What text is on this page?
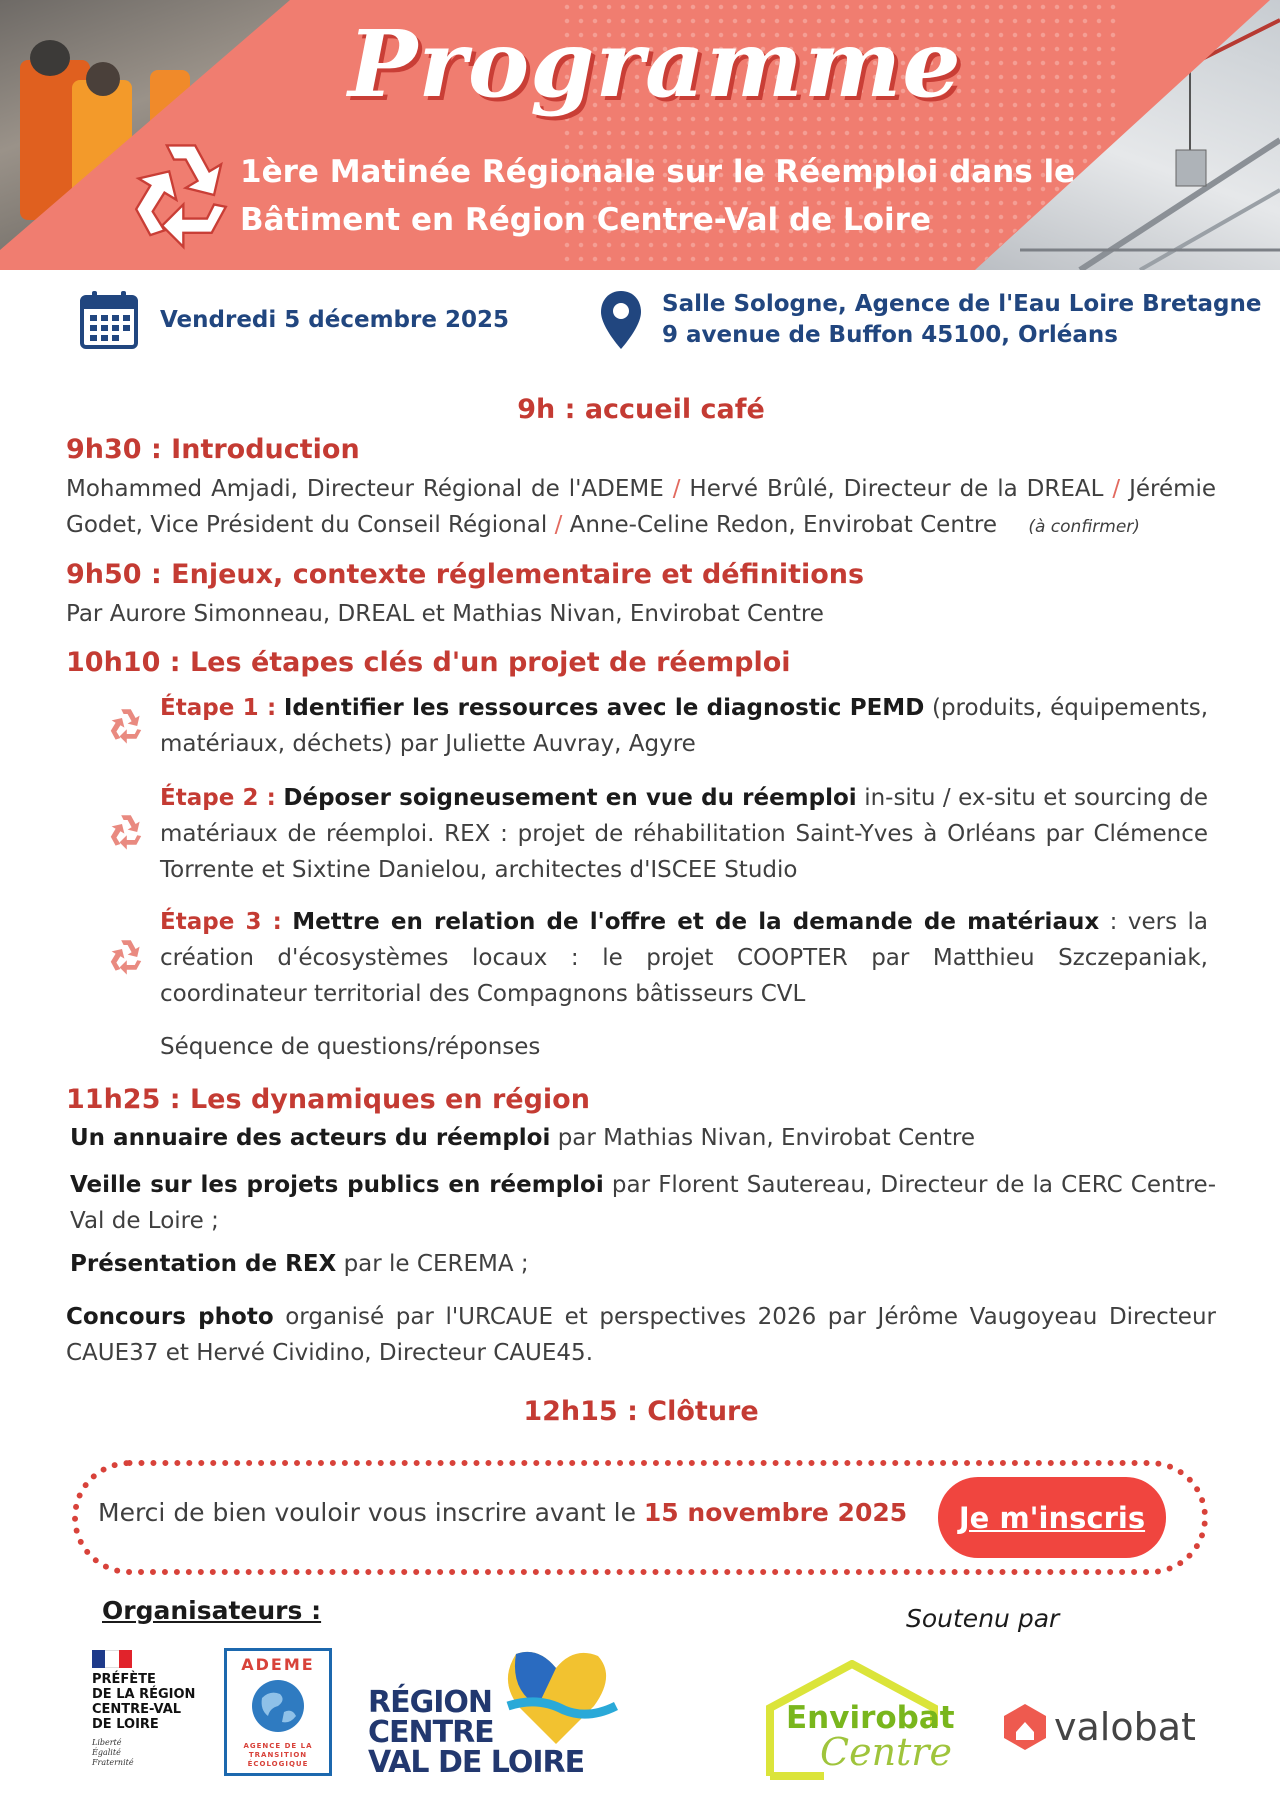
Programme
1ère Matinée Régionale sur le Réemploi dans le
Bâtiment en Région Centre-Val de Loire
Vendredi 5 décembre 2025
Salle Sologne, Agence de l'Eau Loire Bretagne
9 avenue de Buffon 45100, Orléans
9h : accueil café
9h30 : Introduction
Mohammed Amjadi, Directeur Régional de l'ADEME / Hervé Brûlé, Directeur de la DREAL / Jérémie Godet, Vice Président du Conseil Régional / Anne-Celine Redon, Envirobat Centre (à confirmer)
9h50 : Enjeux, contexte réglementaire et définitions
Par Aurore Simonneau, DREAL et Mathias Nivan, Envirobat Centre
10h10 : Les étapes clés d'un projet de réemploi
Étape 1 : Identifier les ressources avec le diagnostic PEMD (produits, équipements, matériaux, déchets) par Juliette Auvray, Agyre
Étape 2 : Déposer soigneusement en vue du réemploi in-situ / ex-situ et sourcing de matériaux de réemploi. REX : projet de réhabilitation Saint-Yves à Orléans par Clémence Torrente et Sixtine Danielou, architectes d'ISCEE Studio
Étape 3 : Mettre en relation de l'offre et de la demande de matériaux : vers la création d'écosystèmes locaux : le projet COOPTER par Matthieu Szczepaniak, coordinateur territorial des Compagnons bâtisseurs CVL
Séquence de questions/réponses
11h25 : Les dynamiques en région
Un annuaire des acteurs du réemploi par Mathias Nivan, Envirobat Centre
Veille sur les projets publics en réemploi par Florent Sautereau, Directeur de la CERC Centre-Val de Loire ;
Présentation de REX par le CEREMA ;
Concours photo organisé par l'URCAUE et perspectives 2026 par Jérôme Vaugoyeau Directeur CAUE37 et Hervé Cividino, Directeur CAUE45.
12h15 : Clôture
Merci de bien vouloir vous inscrire avant le 15 novembre 2025	Je m'inscris
Organisateurs :	Soutenu par
PRÉFÈTE
DE LA RÉGION
CENTRE-VAL
DE LOIRE
Liberté
Égalité
Fraternité
ADEME
AGENCE DE LA TRANSITION ÉCOLOGIQUE
RÉGION
CENTRE
VAL DE LOIRE
Envirobat
Centre
valobat
